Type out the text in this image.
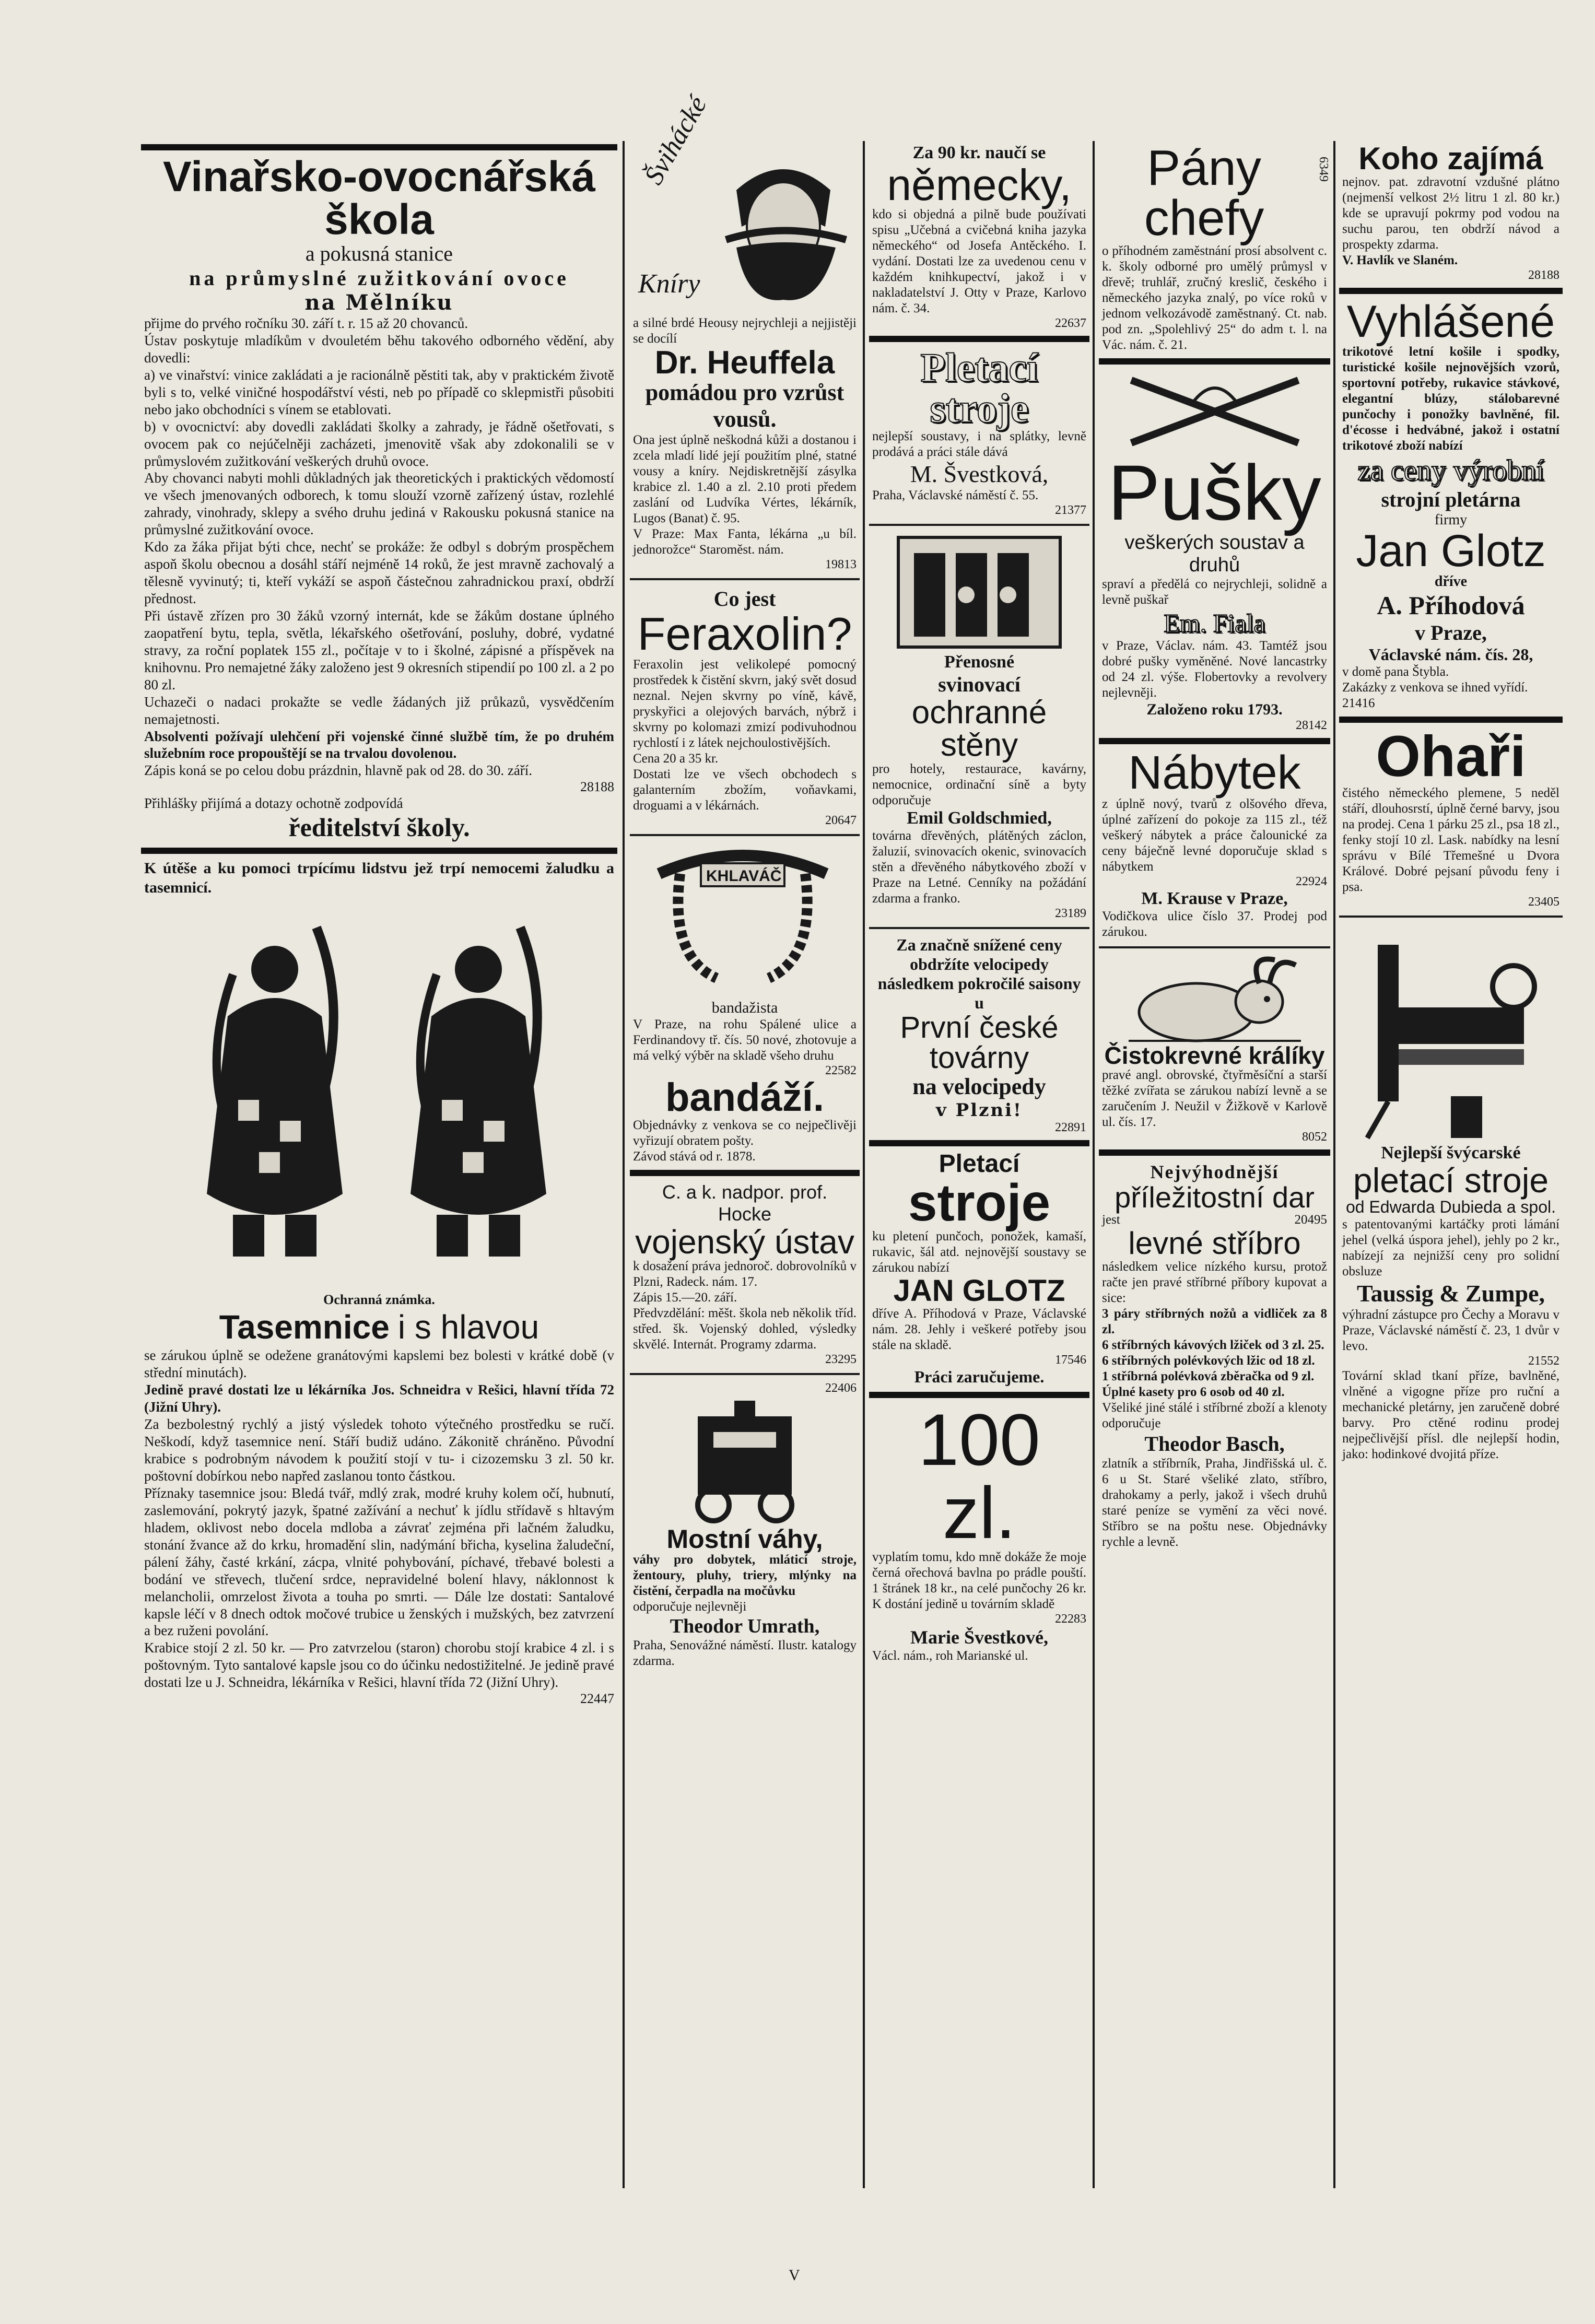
Vinařsko-ovocnářská škola
a pokusná stanice
na průmyslné zužitkování ovoce
na Mělníku
přijme do prvého ročníku 30. září t. r. 15 až 20 chovanců.
Ústav poskytuje mladíkům v dvouletém běhu takového odborného vědění, aby dovedli:
a) ve vinařství: vinice zakládati a je racionálně pěstiti tak, aby v praktickém životě byli s to, velké viničné hospodářství vésti, neb po případě co sklepmistři působiti nebo jako obchodníci s vínem se etablovati.
b) v ovocnictví: aby dovedli zakládati školky a zahrady, je řádně ošetřovati, s ovocem pak co nejúčelněji zacházeti, jmenovitě však aby zdokonalili se v průmyslovém zužitkování veškerých druhů ovoce.
Aby chovanci nabyti mohli důkladných jak theoretických i praktických vědomostí ve všech jmenovaných odborech, k tomu slouží vzorně zařízený ústav, rozlehlé zahrady, vinohrady, sklepy a svého druhu jediná v Rakousku pokusná stanice na průmyslné zužitkování ovoce.
Kdo za žáka přijat býti chce, nechť se prokáže: že odbyl s dobrým prospěchem aspoň školu obecnou a dosáhl stáří nejméně 14 roků, že jest mravně zachovalý a tělesně vyvinutý; ti, kteří vykáží se aspoň částečnou zahradnickou praxí, obdrží přednost.
Při ústavě zřízen pro 30 žáků vzorný internát, kde se žákům dostane úplného zaopatření bytu, tepla, světla, lékařského ošetřování, posluhy, dobré, vydatné stravy, za roční poplatek 155 zl., počítaje v to i školné, zápisné a příspěvek na knihovnu. Pro nemajetné žáky založeno jest 9 okresních stipendií po 100 zl. a 2 po 80 zl.
Uchazeči o nadaci prokažte se vedle žádaných již průkazů, vysvědčením nemajetnosti.
Absolventi požívají ulehčení při vojenské činné službě tím, že po druhém služebním roce propouštějí se na trvalou dovolenou.
Zápis koná se po celou dobu prázdnin, hlavně pak od 28. do 30. září.
28188
Přihlášky přijímá a dotazy ochotně zodpovídá
ředitelství školy.
K útěše a ku pomoci trpícímu lidstvu jež trpí nemocemi žaludku a tasemnicí.
Ochranná známka.
Tasemnice i s hlavou
se zárukou úplně se odežene granátovými kapslemi bez bolesti v krátké době (v střední minutách).
Jedině pravé dostati lze u lékárníka Jos. Schneidra v Rešici, hlavní třída 72 (Jižní Uhry).
Za bezbolestný rychlý a jistý výsledek tohoto výtečného prostředku se ručí. Neškodí, když tasemnice není. Stáří budiž udáno. Zákonitě chráněno. Původní krabice s podrobným návodem k použití stojí v tu- i cizozemsku 3 zl. 50 kr. poštovní dobírkou nebo napřed zaslanou tonto částkou.
Příznaky tasemnice jsou: Bledá tvář, mdlý zrak, modré kruhy kolem očí, hubnutí, zaslemování, pokrytý jazyk, špatné zažívání a nechuť k jídlu střídavě s hltavým hladem, oklivost nebo docela mdloba a závrať zejména při lačném žaludku, stonání žvance až do krku, hromadění slin, nadýmání břicha, kyselina žaludeční, pálení žáhy, časté krkání, zácpa, vlnité pohybování, píchavé, třebavé bolesti a bodání ve střevech, tlučení srdce, nepravidelné bolení hlavy, náklonnost k melancholii, omrzelost života a touha po smrti. — Dále lze dostati: Santalové kapsle léčí v 8 dnech odtok močové trubice u ženských i mužských, bez zatvrzení a bez ruženi povolání.
Krabice stojí 2 zl. 50 kr. — Pro zatvrzelou (staron) chorobu stojí krabice 4 zl. i s poštovným. Tyto santalové kapsle jsou co do účinku nedostižitelné. Je jedině pravé dostati lze u J. Schneidra, lékárníka v Rešici, hlavní třída 72 (Jižní Uhry).
22447
Švihácké
Kníry
a silné brdé Heousy nejrychleji a nejjistěji se docílí
Dr. Heuffela
pomádou pro vzrůst vousů.
Ona jest úplně neškodná kůži a dostanou i zcela mladí lidé její použitím plné, statné vousy a kníry. Nejdiskretnější zásylka krabice zl. 1.40 a zl. 2.10 proti předem zaslání od Ludvíka Vértes, lékárník, Lugos (Banat) č. 95.
V Praze: Max Fanta, lékárna „u bíl. jednorožce“ Staroměst. nám.
19813
Co jest
Feraxolin?
Feraxolin jest velikolepé pomocný prostředek k čistění skvrn, jaký svět dosud neznal. Nejen skvrny po víně, kávě, pryskyřici a olejových barvách, nýbrž i skvrny po kolomazi zmizí podivuhodnou rychlostí i z látek nejchoulostivějších.
Cena 20 a 35 kr.
Dostati lze ve všech obchodech s galanterním zbožím, voňavkami, droguami a v lékárnách.
20647
KHLAVÁČ
bandažista
V Praze, na rohu Spálené ulice a Ferdinandovy tř. čís. 50 nové, zhotovuje a má velký výběr na skladě všeho druhu
22582
bandáží.
Objednávky z venkova se co nejpečlivěji vyřizují obratem pošty.
Závod stává od r. 1878.
C. a k. nadpor. prof. Hocke
vojenský ústav
k dosažení práva jednoroč. dobrovolníků v Plzni, Radeck. nám. 17.
Zápis 15.—20. září.
Předvzdělání: měšt. škola neb několik tříd. střed. šk. Vojenský dohled, výsledky skvělé. Internát. Programy zdarma.
23295
22406
Mostní váhy,
váhy pro dobytek, mláticí stroje, žentoury, pluhy, triery, mlýnky na čistění, čerpadla na močůvku
odporučuje nejlevněji
Theodor Umrath,
Praha, Senovážné náměstí. Ilustr. katalogy zdarma.
Za 90 kr. naučí se
německy,
kdo si objedná a pilně bude používati spisu „Učebná a cvičebná kniha jazyka německého“ od Josefa Antěckého. I. vydání. Dostati lze za uvedenou cenu v každém knihkupectví, jakož i v nakladatelství J. Otty v Praze, Karlovo nám. č. 34.
22637
Pletací
stroje
nejlepší soustavy, i na splátky, levně prodává a práci stále dává
M. Švestková,
Praha, Václavské náměstí č. 55.
21377
Přenosné
svinovací
ochranné stěny
pro hotely, restaurace, kavárny, nemocnice, ordinační síně a byty odporučuje
Emil Goldschmied,
továrna dřevěných, plátěných záclon, žaluzií, svinovacích okenic, svinovacích stěn a dřevěného nábytkového zboží v Praze na Letné. Cenníky na požádání zdarma a franko.
23189
Za značně snížené ceny obdržíte velocipedy následkem pokročilé saisony u
První české továrny
na velocipedy
v Plzni!
22891
Pletací
stroje
ku pletení punčoch, ponožek, kamaší, rukavic, šál atd. nejnovější soustavy se zárukou nabízí
JAN GLOTZ
dříve A. Příhodová v Praze, Václavské nám. 28. Jehly i veškeré potřeby jsou stále na skladě.
17546
Práci zaručujeme.
100 zl.
vyplatím tomu, kdo mně dokáže že moje černá ořechová bavlna po prádle pouští. 1 štránek 18 kr., na celé punčochy 26 kr. K dostání jedině u továrním skladě
22283
Marie Švestkové,
Václ. nám., roh Marianské ul.
Pány chefy
6349
o příhodném zaměstnání prosí absolvent c. k. školy odborné pro umělý průmysl v dřevě; truhlář, zručný kreslič, českého i německého jazyka znalý, po více roků v jednom velkozávodě zaměstnaný. Ct. nab. pod zn. „Spolehlivý 25“ do adm t. l. na Vác. nám. č. 21.
Pušky
veškerých soustav a druhů
spraví a předělá co nejrychleji, solidně a levně puškař
Em. Fiala
v Praze, Václav. nám. 43. Tamtéž jsou dobré pušky vyměněné. Nové lancastrky od 24 zl. výše. Flobertovky a revolvery nejlevněji.
Založeno roku 1793.
28142
Nábytek
z úplně nový, tvarů z olšového dřeva, úplné zařízení do pokoje za 115 zl., též veškerý nábytek a práce čalounické za ceny báječně levné doporučuje sklad s nábytkem
22924
M. Krause v Praze,
Vodičkova ulice číslo 37. Prodej pod zárukou.
Čistokrevné králíky
pravé angl. obrovské, čtyřměsíční a starší těžké zvířata se zárukou nabízí levně a se zaručením J. Neužil v Žižkově v Karlově ul. čís. 17.
8052
Nejvýhodnější
příležitostní dar
jest	20495
levné stříbro
následkem velice nízkého kursu, protož račte jen pravé stříbrné příbory kupovat a sice:
3 páry stříbrných nožů a vidliček za 8 zl.
6 stříbrných kávových lžiček od 3 zl. 25.
6 stříbrných polévkových lžic od 18 zl.
1 stříbrná polévková zběračka od 9 zl.
Úplné kasety pro 6 osob od 40 zl.
Všeliké jiné stálé i stříbrné zboží a klenoty odporučuje
Theodor Basch,
zlatník a stříbrník, Praha, Jindřišská ul. č. 6 u St. Staré všeliké zlato, stříbro, drahokamy a perly, jakož i všech druhů staré peníze se vymění za věci nové. Stříbro se na poštu nese. Objednávky rychle a levně.
Koho zajímá
nejnov. pat. zdravotní vzdušné plátno (nejmenší velkost 2½ litru 1 zl. 80 kr.) kde se upravují pokrmy pod vodou na suchu parou, ten obdrží návod a prospekty zdarma.
V. Havlík ve Slaném.
28188
Vyhlášené
trikotové letní košile i spodky, turistické košile nejnovějších vzorů, sportovní potřeby, rukavice stávkové, elegantní blúzy, stálobarevné punčochy i ponožky bavlněné, fil. d'écosse i hedvábné, jakož i ostatní trikotové zboží nabízí
za ceny výrobní
strojní pletárna
firmy
Jan Glotz
dříve
A. Příhodová
v Praze,
Václavské nám. čís. 28,
v domě pana Štybla.
Zakázky z venkova se ihned vyřídí.
21416
Ohaři
čistého německého plemene, 5 neděl stáří, dlouhosrstí, úplně černé barvy, jsou na prodej. Cena 1 párku 25 zl., psa 18 zl., fenky stojí 10 zl. Lask. nabídky na lesní správu v Bílé Třemešné u Dvora Králové. Dobré pejsaní původu feny i psa.
23405
Nejlepší švýcarské
pletací stroje
od Edwarda Dubieda a spol.
s patentovanými kartáčky proti lámání jehel (velká úspora jehel), jehly po 2 kr., nabízejí za nejnižší ceny pro solidní obsluze
Taussig & Zumpe,
výhradní zástupce pro Čechy a Moravu v Praze, Václavské náměstí č. 23, 1 dvůr v levo.
21552
Tovární sklad tkaní příze, bavlněné, vlněné a vigogne příze pro ruční a mechanické pletárny, jen zaručeně dobré barvy. Pro ctěné rodinu prodej nejpečlivější přísl. dle nejlepší hodin, jako: hodinkové dvojitá příze.
V
